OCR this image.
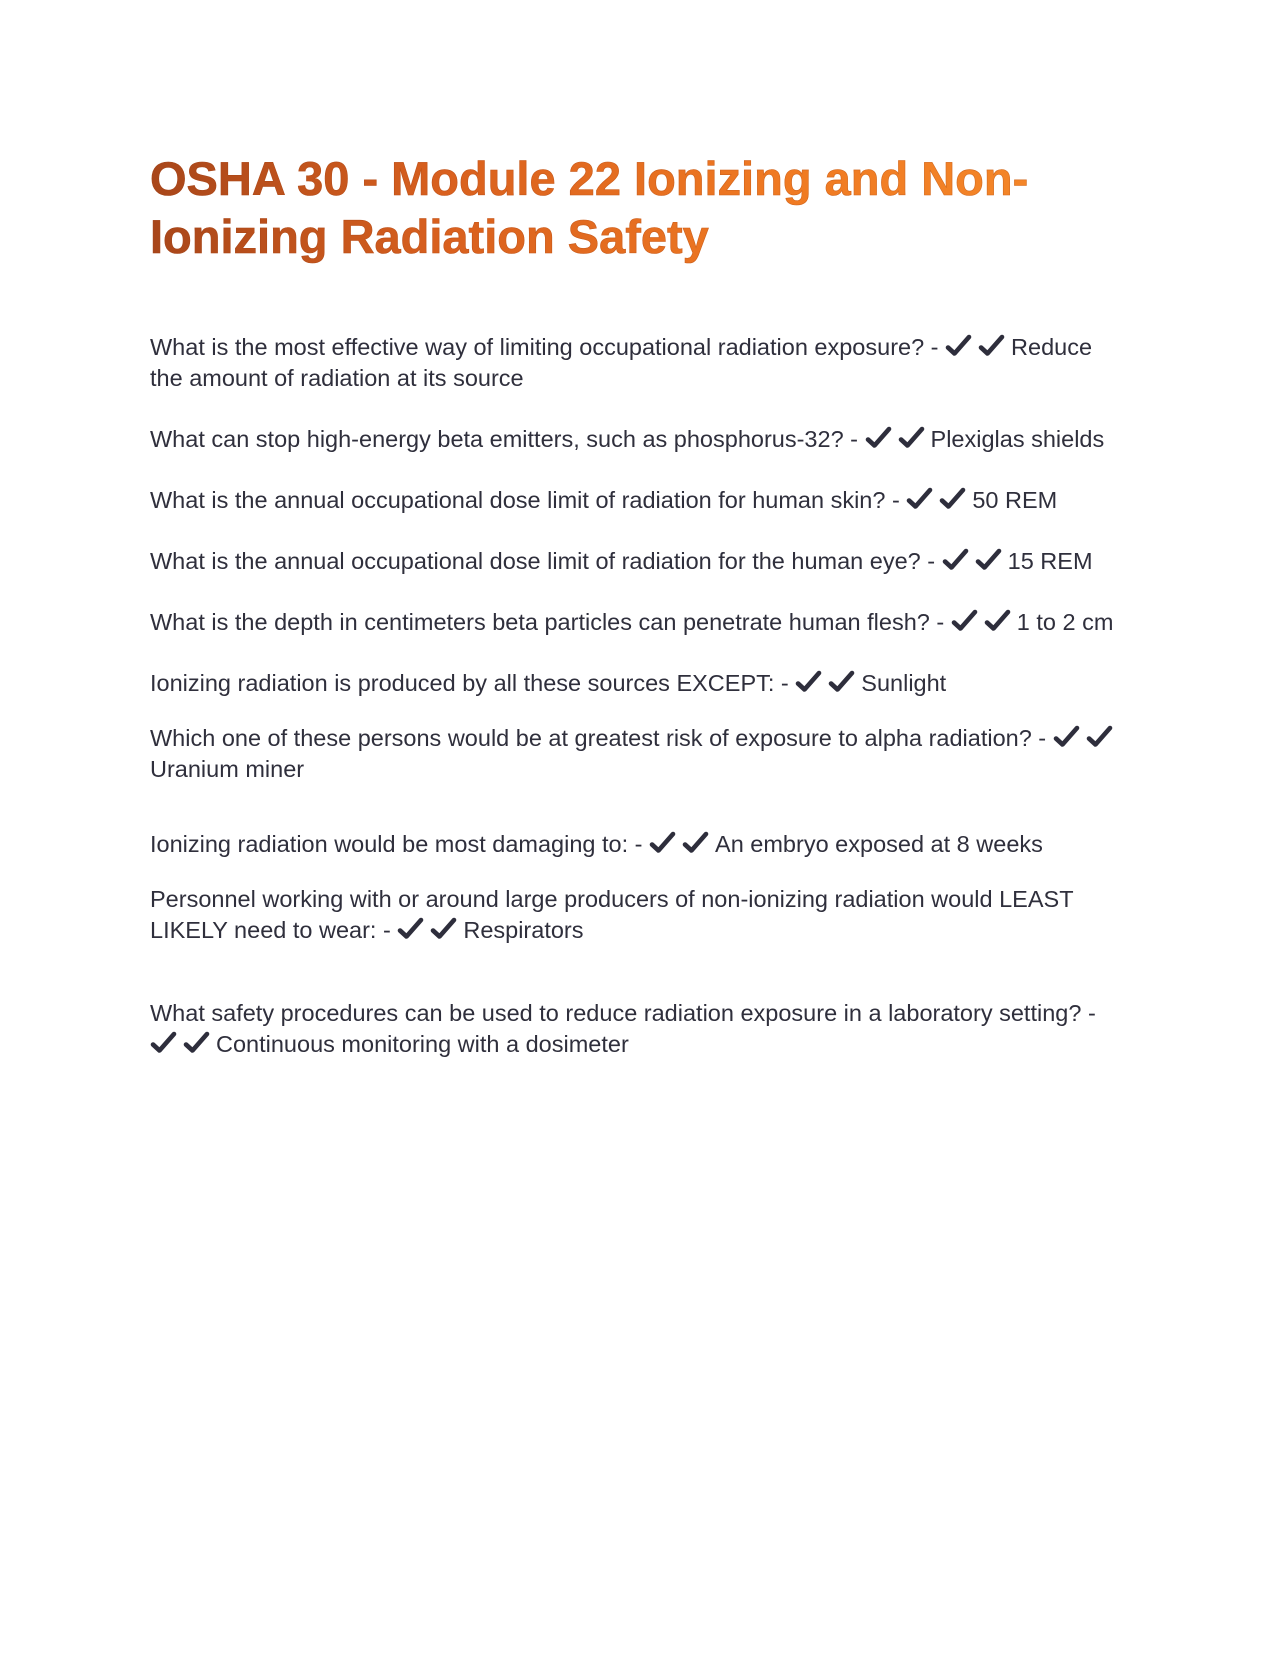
OSHA 30 - Module 22 Ionizing and Non-Ionizing Radiation Safety

What is the most effective way of limiting occupational radiation exposure? -	Reduce the amount of radiation at its source

What can stop high-energy beta emitters, such as phosphorus-32? -	Plexiglas shields

What is the annual occupational dose limit of radiation for human skin? -	50 REM

What is the annual occupational dose limit of radiation for the human eye? -	15 REM

What is the depth in centimeters beta particles can penetrate human flesh? -	1 to 2 cm

Ionizing radiation is produced by all these sources EXCEPT: -	Sunlight

Which one of these persons would be at greatest risk of exposure to alpha radiation? -
Uranium miner

Ionizing radiation would be most damaging to: -	An embryo exposed at 8 weeks

Personnel working with or around large producers of non-ionizing radiation would LEAST LIKELY need to wear: -	Respirators

What safety procedures can be used to reduce radiation exposure in a laboratory setting? -
Continuous monitoring with a dosimeter
